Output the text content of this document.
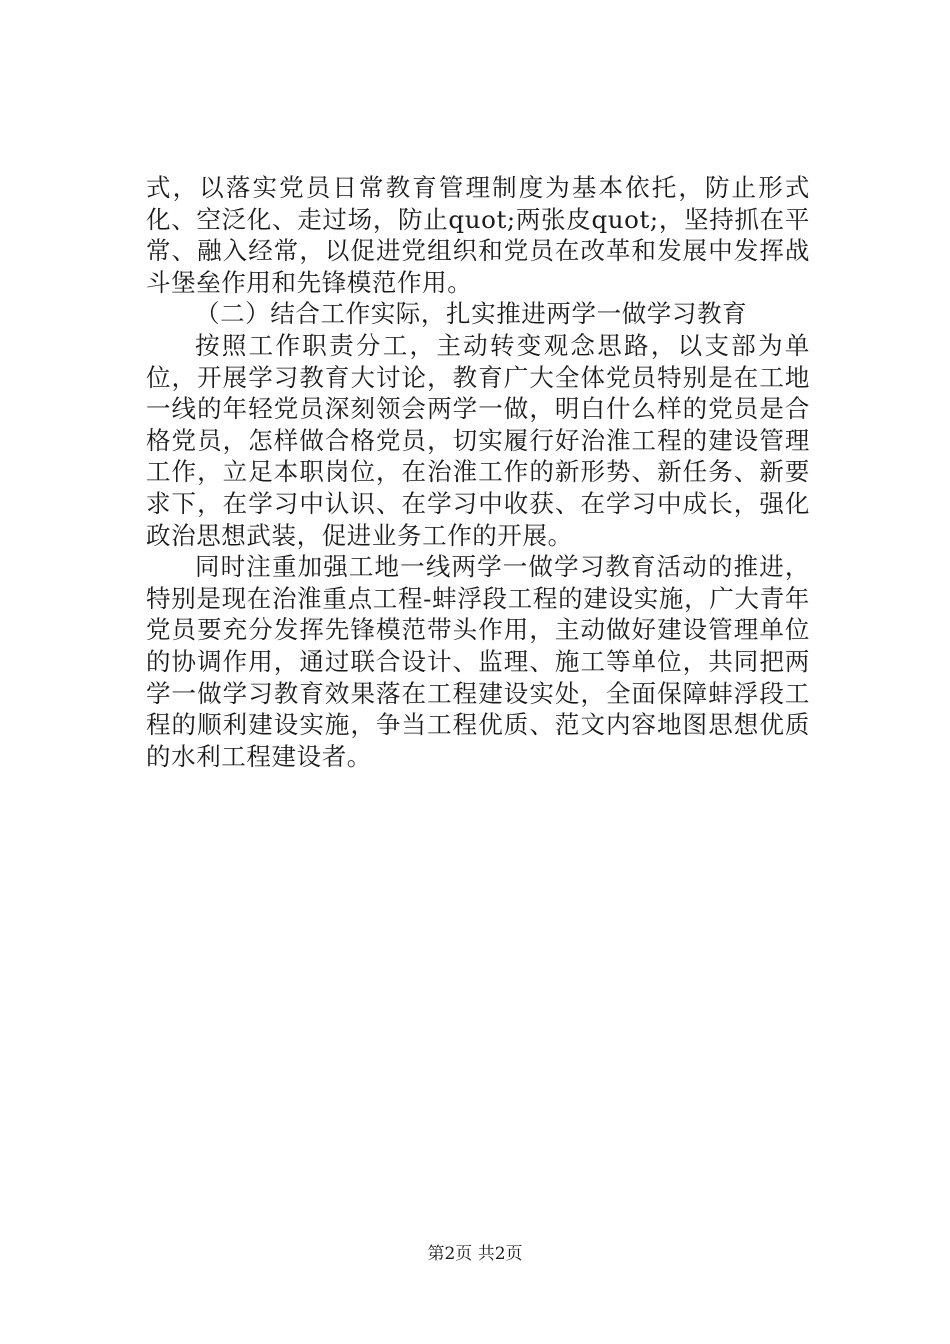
式，以落实党员日常教育管理制度为基本依托，防止形式化、空泛化、走过场，防止quot;两张皮quot;，坚持抓在平常、融入经常，以促进党组织和党员在改革和发展中发挥战斗堡垒作用和先锋模范作用。

（二）结合工作实际，扎实推进两学一做学习教育

按照工作职责分工，主动转变观念思路，以支部为单位，开展学习教育大讨论，教育广大全体党员特别是在工地一线的年轻党员深刻领会两学一做，明白什么样的党员是合格党员，怎样做合格党员，切实履行好治淮工程的建设管理工作，立足本职岗位，在治淮工作的新形势、新任务、新要求下，在学习中认识、在学习中收获、在学习中成长，强化政治思想武装，促进业务工作的开展。

同时注重加强工地一线两学一做学习教育活动的推进，特别是现在治淮重点工程-蚌浮段工程的建设实施，广大青年党员要充分发挥先锋模范带头作用，主动做好建设管理单位的协调作用，通过联合设计、监理、施工等单位，共同把两学一做学习教育效果落在工程建设实处，全面保障蚌浮段工程的顺利建设实施，争当工程优质、范文内容地图思想优质的水利工程建设者。

第2页 共2页
